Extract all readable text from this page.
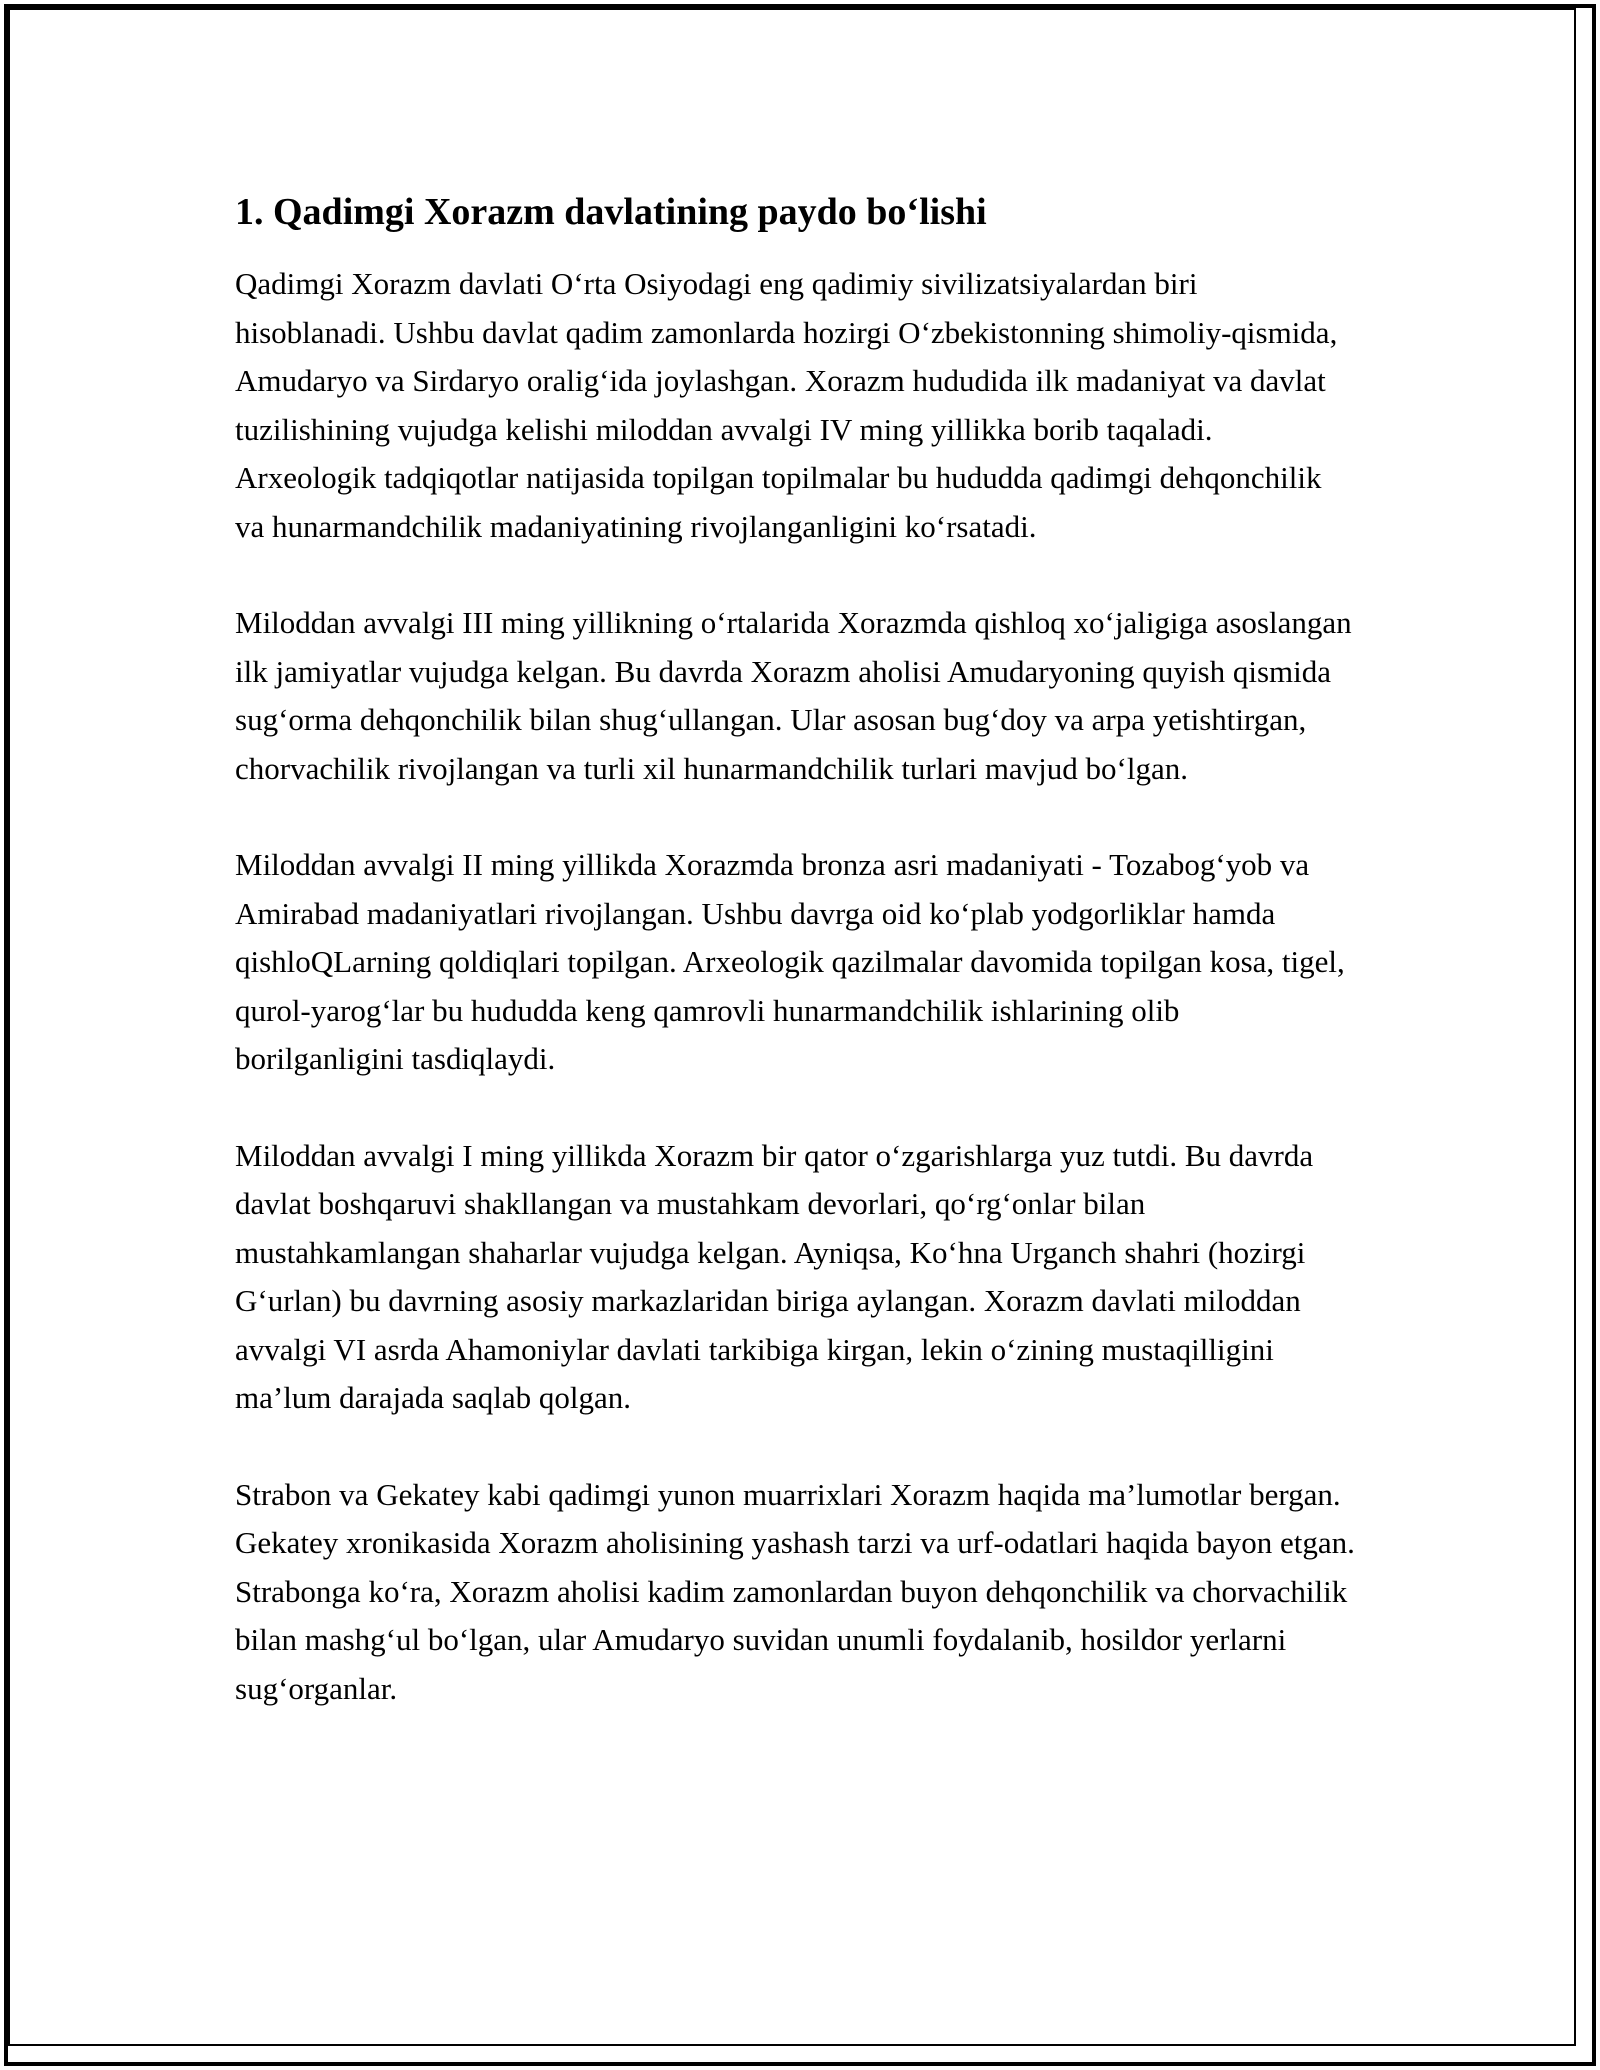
1. Qadimgi Xorazm davlatining paydo bo‘lishi

Qadimgi Xorazm davlati O‘rta Osiyodagi eng qadimiy sivilizatsiyalardan biri hisoblanadi. Ushbu davlat qadim zamonlarda hozirgi O‘zbekistonning shimoliy-qismida, Amudaryo va Sirdaryo oralig‘ida joylashgan. Xorazm hududida ilk madaniyat va davlat tuzilishining vujudga kelishi miloddan avvalgi IV ming yillikka borib taqaladi. Arxeologik tadqiqotlar natijasida topilgan topilmalar bu hududda qadimgi dehqonchilik va hunarmandchilik madaniyatining rivojlanganligini ko‘rsatadi.

Miloddan avvalgi III ming yillikning o‘rtalarida Xorazmda qishloq xo‘jaligiga asoslangan ilk jamiyatlar vujudga kelgan. Bu davrda Xorazm aholisi Amudaryoning quyish qismida sug‘orma dehqonchilik bilan shug‘ullangan. Ular asosan bug‘doy va arpa yetishtirgan, chorvachilik rivojlangan va turli xil hunarmandchilik turlari mavjud bo‘lgan.

Miloddan avvalgi II ming yillikda Xorazmda bronza asri madaniyati - Tozabog‘yob va Amirabad madaniyatlari rivojlangan. Ushbu davrga oid ko‘plab yodgorliklar hamda qishloQLarning qoldiqlari topilgan. Arxeologik qazilmalar davomida topilgan kosa, tigel, qurol-yarog‘lar bu hududda keng qamrovli hunarmandchilik ishlarining olib borilganligini tasdiqlaydi.

Miloddan avvalgi I ming yillikda Xorazm bir qator o‘zgarishlarga yuz tutdi. Bu davrda davlat boshqaruvi shakllangan va mustahkam devorlari, qo‘rg‘onlar bilan mustahkamlangan shaharlar vujudga kelgan. Ayniqsa, Ko‘hna Urganch shahri (hozirgi G‘urlan) bu davrning asosiy markazlaridan biriga aylangan. Xorazm davlati miloddan avvalgi VI asrda Ahamoniylar davlati tarkibiga kirgan, lekin o‘zining mustaqilligini ma’lum darajada saqlab qolgan.

Strabon va Gekatey kabi qadimgi yunon muarrixlari Xorazm haqida ma’lumotlar bergan. Gekatey xronikasida Xorazm aholisining yashash tarzi va urf-odatlari haqida bayon etgan. Strabonga ko‘ra, Xorazm aholisi kadim zamonlardan buyon dehqonchilik va chorvachilik bilan mashg‘ul bo‘lgan, ular Amudaryo suvidan unumli foydalanib, hosildor yerlarni sug‘organlar.
